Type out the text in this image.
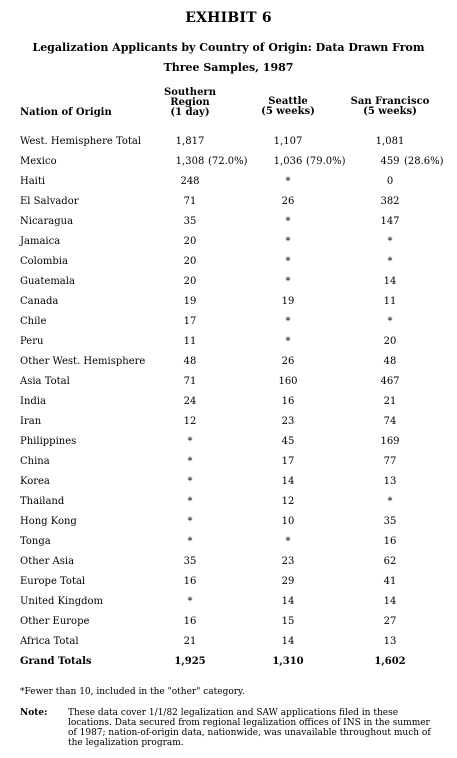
EXHIBIT 6
Legalization Applicants by Country of Origin: Data Drawn From
Three Samples, 1987
Nation of Origin
Southern
Region
(1 day)
Seattle
(5 weeks)
San Francisco
(5 weeks)
West. Hemisphere Total	1,817	1,107	1,081
Mexico	1,308 (72.0%)	1,036 (79.0%)	459 (28.6%)
Haiti	248	*	0
El Salvador	71	26	382
Nicaragua	35	*	147
Jamaica	20	*	*
Colombia	20	*	*
Guatemala	20	*	14
Canada	19	19	11
Chile	17	*	*
Peru	11	*	20
Other West. Hemisphere	48	26	48
Asia Total	71	160	467
India	24	16	21
Iran	12	23	74
Philippines	*	45	169
China	*	17	77
Korea	*	14	13
Thailand	*	12	*
Hong Kong	*	10	35
Tonga	*	*	16
Other Asia	35	23	62
Europe Total	16	29	41
United Kingdom	*	14	14
Other Europe	16	15	27
Africa Total	21	14	13
Grand Totals	1,925	1,310	1,602
*Fewer than 10, included in the "other" category.
Note: These data cover 1/1/82 legalization and SAW applications filed in these locations. Data secured from regional legalization offices of INS in the summer of 1987; nation-of-origin data, nationwide, was unavailable throughout much of the legalization program.
